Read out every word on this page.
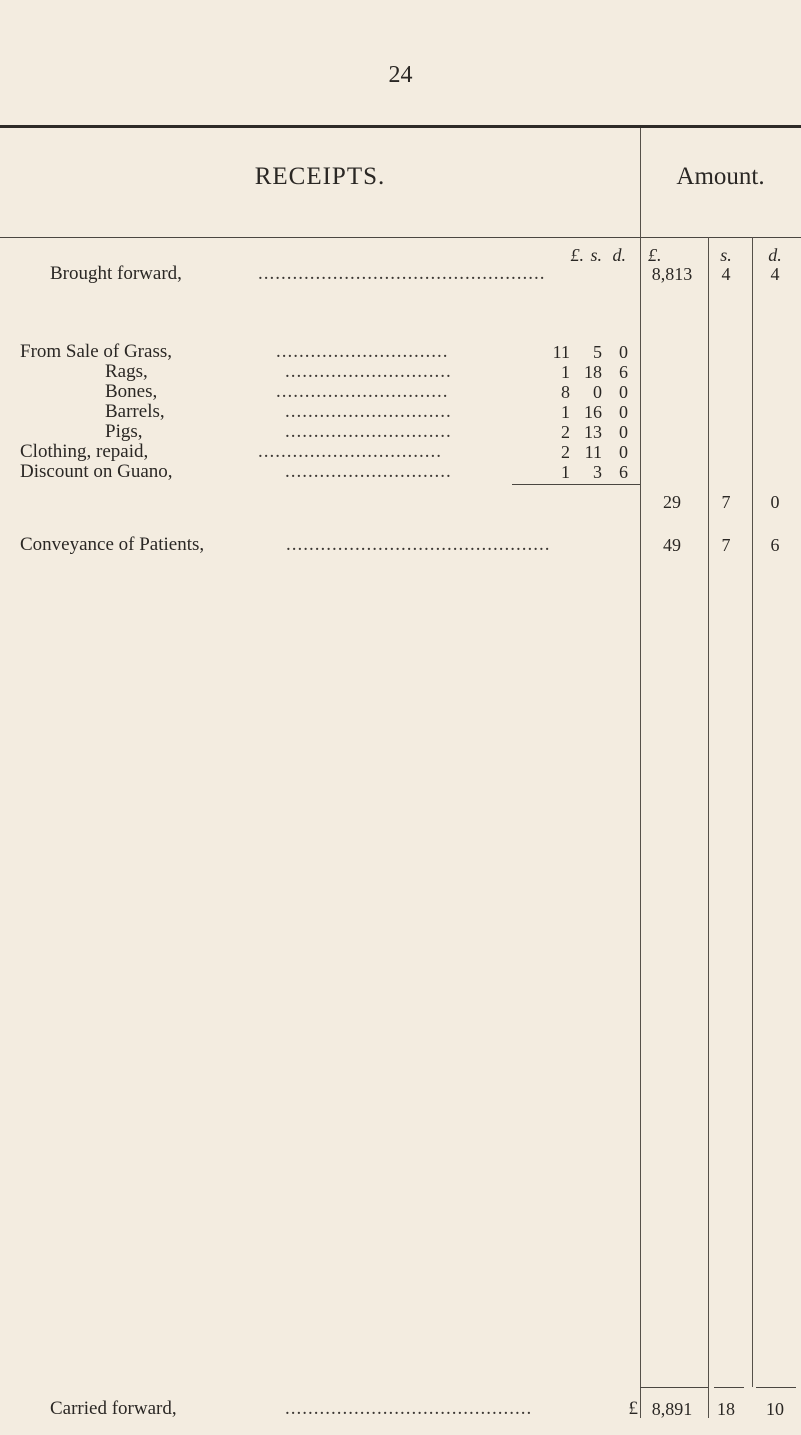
24
RECEIPTS.	Amount.
£. s. d. £.	s.	d.
Brought forward,	..................................................	8,813	4	4
From Sale of Grass,	..............................	11	5 0
Rags,	.............................	1 18 6
Bones,	..............................	8	0 0
Barrels,	.............................	1 16 0
Pigs,	.............................	2 13 0
Clothing, repaid,	................................	2 11 0
Discount on Guano,	.............................	1	3 6
29	7	0
Conveyance of Patients,	..............................................	49	7	6
Carried forward,	...........................................	£ 8,891	18	10
